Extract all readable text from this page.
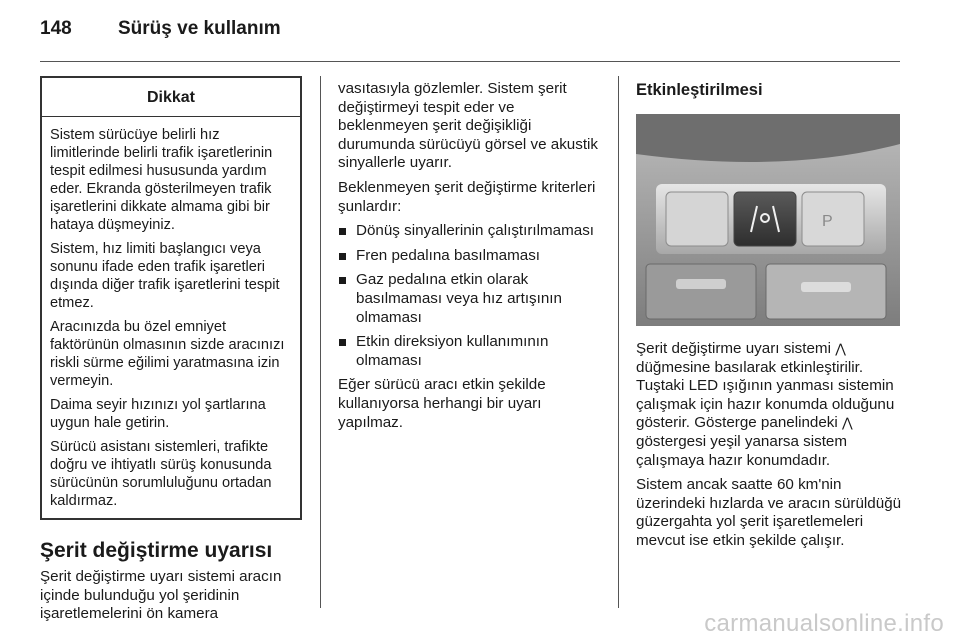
148 Sürüş ve kullanım
Dikkat

Sistem sürücüye belirli hız limitlerinde belirli trafik işaretlerinin tespit edilmesi hususunda yardım eder. Ekranda gösterilmeyen trafik işaretlerini dikkate almama gibi bir hataya düşmeyiniz.

Sistem, hız limiti başlangıcı veya sonunu ifade eden trafik işaretleri dışında diğer trafik işaretlerini tespit etmez.

Aracınızda bu özel emniyet faktörünün olmasının sizde aracınızı riskli sürme eğilimi yaratmasına izin vermeyin.

Daima seyir hızınızı yol şartlarına uygun hale getirin.

Sürücü asistanı sistemleri, trafikte doğru ve ihtiyatlı sürüş konusunda sürücünün sorumluluğunu ortadan kaldırmaz.

Şerit değiştirme uyarısı

Şerit değiştirme uyarı sistemi aracın içinde bulunduğu yol şeridinin işaretlemelerini ön kamera

vasıtasıyla gözlemler. Sistem şerit değiştirmeyi tespit eder ve beklenmeyen şerit değişikliği durumunda sürücüyü görsel ve akustik sinyallerle uyarır.

Beklenmeyen şerit değiştirme kriterleri şunlardır:

Dönüş sinyallerinin çalıştırılmaması
Fren pedalına basılmaması
Gaz pedalına etkin olarak basılmaması veya hız artışının olmaması
Etkin direksiyon kullanımının olmaması

Eğer sürücü aracı etkin şekilde kullanıyorsa herhangi bir uyarı yapılmaz.

Etkinleştirilmesi
P

Şerit değiştirme uyarı sistemi ⋀
düğmesine basılarak etkinleştirilir. Tuştaki LED ışığının yanması sistemin çalışmak için hazır konumda olduğunu gösterir. Gösterge panelindeki ⋀ göstergesi yeşil yanarsa sistem çalışmaya hazır konumdadır.

Sistem ancak saatte 60 km'nin üzerindeki hızlarda ve aracın sürüldüğü güzergahta yol şerit işaretlemeleri mevcut ise etkin şekilde çalışır.

carmanualsonline.info
